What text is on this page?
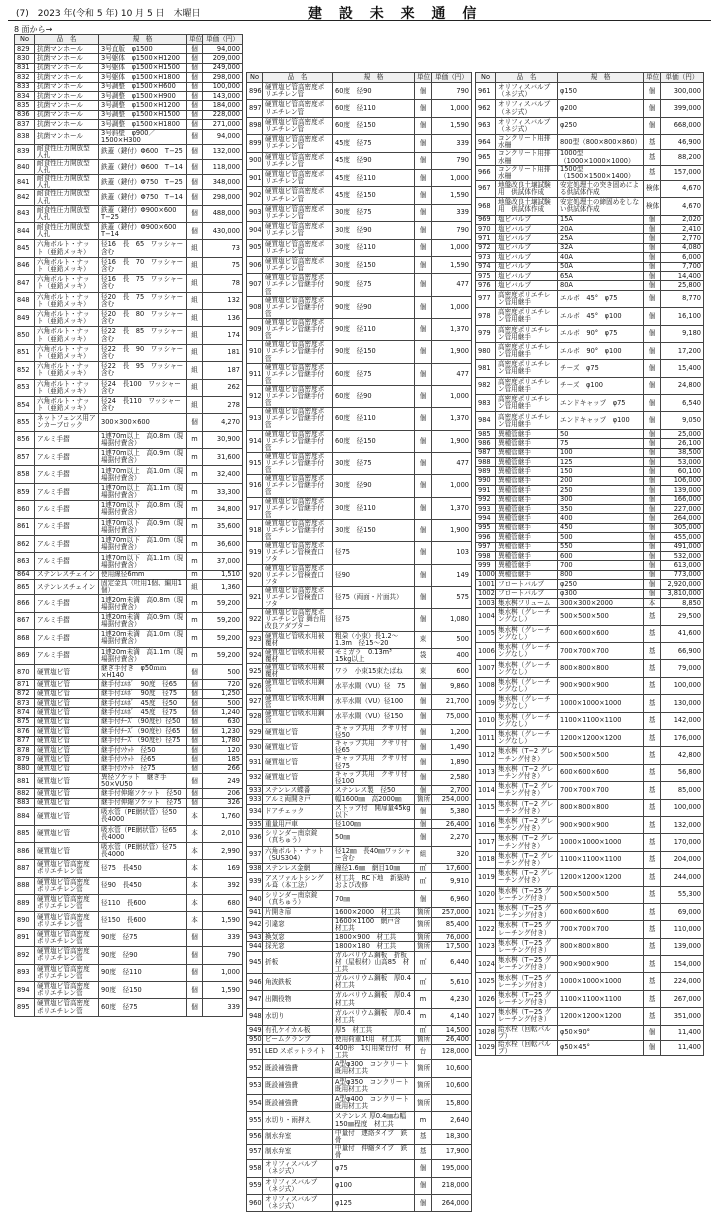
(7)　2023 年(令和 5 年) 10 月 5 日　木曜日	建 設 未 来 通 信
8 面から→
No	品　名	規　格	単位	単価（円）
829	抗菌マンホール	3号直版　φ1500	個	94,000
830	抗菌マンホール	3号躯体　φ1500×H1200	個	209,000
831	抗菌マンホール	3号躯体　φ1500×H1500	個	249,000
832	抗菌マンホール	3号躯体　φ1500×H1800	個	298,000
833	抗菌マンホール	3号調整　φ1500×H600	個	100,000
834	抗菌マンホール	3号調整　φ1500×H900	個	143,000
835	抗菌マンホール	3号調整　φ1500×H1200	個	184,000
836	抗菌マンホール	3号調整　φ1500×H1500	個	228,000
837	抗菌マンホール	3号調整　φ1500×H1800	個	271,000
838	抗菌マンホール	3号斜壁　φ900／1500×H300	個	94,000
839	耐食性圧力開放型人孔	鉄蓋（鍵付）Φ600　T−25	個	132,000
840	耐食性圧力開放型人孔	鉄蓋（鍵付）Φ600　T−14	個	118,000
841	耐食性圧力開放型人孔	鉄蓋（鍵付）Φ750　T−25	個	348,000
842	耐食性圧力開放型人孔	鉄蓋（鍵付）Φ750　T−14	個	298,000
843	耐食性圧力開放型人孔	鉄蓋（鍵付）Φ900×600　T−25	個	488,000
844	耐食性圧力開放型人孔	鉄蓋（鍵付）Φ900×600　T−14	個	430,000
845	六角ボルト・ナット（亜鉛メッキ）	径16　長　65　ワッシャー含む	組	73
846	六角ボルト・ナット（亜鉛メッキ）	径16　長　70　ワッシャー含む	組	75
847	六角ボルト・ナット（亜鉛メッキ）	径16　長　75　ワッシャー含む	組	78
848	六角ボルト・ナット（亜鉛メッキ）	径20　長　75　ワッシャー含む	組	132
849	六角ボルト・ナット（亜鉛メッキ）	径20　長　80　ワッシャー含む	組	136
850	六角ボルト・ナット（亜鉛メッキ）	径22　長　85　ワッシャー含む	組	174
851	六角ボルト・ナット（亜鉛メッキ）	径22　長　90　ワッシャー含む	組	181
852	六角ボルト・ナット（亜鉛メッキ）	径22　長　95　ワッシャー含む	組	187
853	六角ボルト・ナット（亜鉛メッキ）	径24　長100　ワッシャー含む	組	262
854	六角ボルト・ナット（亜鉛メッキ）	径24　長110　ワッシャー含む	組	278
855	ネットフェンス用アンカーブロック	300×300×600	個	4,270
856	アルミ手摺	1連70m以上　高0.8m（現場据付費含）	m	30,900
857	アルミ手摺	1連70m以上　高0.9m（現場据付費含）	m	31,600
858	アルミ手摺	1連70m以上　高1.0m（現場据付費含）	m	32,400
859	アルミ手摺	1連70m以上　高1.1m（現場据付費含）	m	33,300
860	アルミ手摺	1連70m以下　高0.8m（現場据付費含）	m	34,800
861	アルミ手摺	1連70m以下　高0.9m（現場据付費含）	m	35,600
862	アルミ手摺	1連70m以下　高1.0m（現場据付費含）	m	36,600
863	アルミ手摺	1連70m以下　高1.1m（現場据付費含）	m	37,000
864	ステンレスチェイン	使用線径6mm	m	1,510
865	ステンレスチェイン	固定金具（吐用1個、編用1個）	組	1,360
866	アルミ手摺	1連20m未満　高0.8m（現場据付費含）	m	59,200
867	アルミ手摺	1連20m未満　高0.9m（現場据付費含）	m	59,200
868	アルミ手摺	1連20m未満　高1.0m（現場据付費含）	m	59,200
869	アルミ手摺	1連20m未満　高1.1m（現場据付費含）	m	59,200
870	硬質塩ビ管	継ぎ手付き　φ50ｍｍ×H140	個	500
871	硬質塩ビ管	継手付ｴﾙﾎﾞ　90度　径65	個	720
872	硬質塩ビ管	継手付ｴﾙﾎﾞ　90度　径75	個	1,250
873	硬質塩ビ管	継手付ｴﾙﾎﾞ　45度　径50	個	500
874	硬質塩ビ管	継手付ｴﾙﾎﾞ　45度　径75	個	1,240
875	硬質塩ビ管	継手付ﾁｰｽﾞ（90度ｾ）径50	個	630
876	硬質塩ビ管	継手付ﾁｰｽﾞ（90度ｾ）径65	個	1,230
877	硬質塩ビ管	継手付ﾁｰｽﾞ（90度ｾ）径75	個	1,780
878	硬質塩ビ管	継手付ｿｹｯﾄ　径50	個	120
879	硬質塩ビ管	継手付ｿｹｯﾄ　径65	個	185
880	硬質塩ビ管	継手付ｿｹｯﾄ　径75	個	266
881	硬質塩ビ管	異径ソケット　継ぎ手50×VU50	個	249
882	硬質塩ビ管	継手付伸縮ソケット　径50	個	206
883	硬質塩ビ管	継手付伸縮ソケット　径75	個	326
884	硬質塩ビ管	吸水管（PE網状管）径50　長4000	本	1,760
885	硬質塩ビ管	吸水管（PE網状管）径65　長4000	本	2,010
886	硬質塩ビ管	吸水管（PE網状管）径75　長4000	本	2,990
887	硬質塩ビ管高密度ポリエチレン管	径75　長450	本	169
888	硬質塩ビ管高密度ポリエチレン管	径90　長450	本	392
889	硬質塩ビ管高密度ポリエチレン管	径110　長600	本	680
890	硬質塩ビ管高密度ポリエチレン管	径150　長600	本	1,590
891	硬質塩ビ管高密度ポリエチレン管	90度　径75	個	339
892	硬質塩ビ管高密度ポリエチレン管	90度　径90	個	790
893	硬質塩ビ管高密度ポリエチレン管	90度　径110	個	1,000
894	硬質塩ビ管高密度ポリエチレン管	90度　径150	個	1,590
895	硬質塩ビ管高密度ポリエチレン管	60度　径75	個	339
No	品　名	規　格	単位	単価（円）
896	硬質塩ビ管高密度ポリエチレン管	60度　径90	個	790
897	硬質塩ビ管高密度ポリエチレン管	60度　径110	個	1,000
898	硬質塩ビ管高密度ポリエチレン管	60度　径150	個	1,590
899	硬質塩ビ管高密度ポリエチレン管	45度　径75	個	339
900	硬質塩ビ管高密度ポリエチレン管	45度　径90	個	790
901	硬質塩ビ管高密度ポリエチレン管	45度　径110	個	1,000
902	硬質塩ビ管高密度ポリエチレン管	45度　径150	個	1,590
903	硬質塩ビ管高密度ポリエチレン管	30度　径75	個	339
904	硬質塩ビ管高密度ポリエチレン管	30度　径90	個	790
905	硬質塩ビ管高密度ポリエチレン管	30度　径110	個	1,000
906	硬質塩ビ管高密度ポリエチレン管	30度　径150	個	1,590
907	硬質塩ビ管高密度ポリエチレン管継手付管	90度　径75	個	477
908	硬質塩ビ管高密度ポリエチレン管継手付管	90度　径90	個	1,000
909	硬質塩ビ管高密度ポリエチレン管継手付管	90度　径110	個	1,370
910	硬質塩ビ管高密度ポリエチレン管継手付管	90度　径150	個	1,900
911	硬質塩ビ管高密度ポリエチレン管継手付管	60度　径75	個	477
912	硬質塩ビ管高密度ポリエチレン管継手付管	60度　径90	個	1,000
913	硬質塩ビ管高密度ポリエチレン管継手付管	60度　径110	個	1,370
914	硬質塩ビ管高密度ポリエチレン管継手付管	60度　径150	個	1,900
915	硬質塩ビ管高密度ポリエチレン管継手付管	30度　径75	個	477
916	硬質塩ビ管高密度ポリエチレン管継手付管	30度　径90	個	1,000
917	硬質塩ビ管高密度ポリエチレン管継手付管	30度　径110	個	1,370
918	硬質塩ビ管高密度ポリエチレン管継手付管	30度　径150	個	1,900
919	硬質塩ビ管高密度ポリエチレン管検査口フタ	径75	個	103
920	硬質塩ビ管高密度ポリエチレン管検査口フタ	径90	個	149
921	硬質塩ビ管高密度ポリエチレン管検査口フタ	径75（両面・片面共）	個	575
922	硬質塩ビ管高密度ポリエチレン管 舞台用改良アダプター	径75	個	1,080
923	硬質塩ビ管吸水用被覆材	粗朶（小束）長1.2～1.3m　径15～20	束	500
924	硬質塩ビ管吸水用被覆材	モミガラ　0.13m³　15kg以上	袋	400
925	硬質塩ビ管吸水用被覆材	ワラ　小束15束たばね	束	600
926	硬質塩ビ管吸水用鋼管	水平水閘（VU）径　75	個	9,860
927	硬質塩ビ管吸水用鋼管	水平水閘（VU）径100	個	21,700
928	硬質塩ビ管吸水用鋼管	水平水閘（VU）径150	個	75,000
929	硬質塩ビ管	キャップ共用　クサリ付　径50	個	1,200
930	硬質塩ビ管	キャップ共用　クサリ付　径65	個	1,490
931	硬質塩ビ管	キャップ共用　クサリ付　径75	個	1,890
932	硬質塩ビ管	キャップ共用　クサリ付　径100	個	2,580
933	ステンレス蝶番	ステンレス製　径50	個	2,700
933	アルミ両開き戸	幅1600㎜　高2000㎜	箇所	254,000
934	ドアチェック	ストップ付　開扉量45kg以下	個	5,380
935	重量用戸車	径100㎜	個	26,400
936	シリンダー南京錠（真ちゅう）	50㎜	個	2,270
937	六角ボルト・ナット（SUS304）	径12㎜　長40㎜ワッシャー含む	組	320
938	ステンレス金網	線径1.6㎜　網目10㎜	㎡	17,600
939	アスファルトシングル葺（本工法）	材工共　RC下地　新築時および改修	㎡	9,910
940	シリンダー南京錠（真ちゅう）	70㎜	個	6,960
941	片開き扉	1600×2000　材工共	箇所	257,000
942	引違窓	1600×1100　網戸含　材工共	箇所	85,400
943	換気窓	1800×900　材工共	箇所	76,000
944	採光窓	1800×180　材工共	箇所	17,500
945	折板	ガルバリウム鋼板　折板材（屋根材）山高85　材工共	㎡	6,440
946	角波鉄板	ガルバリウム鋼板　厚0.4　材工共	㎡	5,610
947	出隅役物	ガルバリウム鋼板　厚0.4　材工共	m	4,230
948	水切り	ガルバリウム鋼板　厚0.4　材工共	m	4,140
949	有孔ケイカル板	厚5　材工共	㎡	14,500
950	ビームクランプ	使用荷重1t用　材工共	箇所	26,400
951	LED スポットライト	400形　1灯用架台付　材工共	台	128,000
952	既設補強費	A型φ300　コンクリート既用材工共	箇所	10,600
953	既設補強費	A型φ350　コンクリート既用材工共	箇所	10,600
954	既設補強費	A型φ400　コンクリート既用材工共	箇所	15,800
955	水切り・雨押え	ステンレス 厚0.4㎜ね幅150㎜程度　材工共	m	2,640
956	制水弁室	中量付　連絡タイプ　鉄骨	基	18,300
957	制水弁室	中量付　伸縮タイプ　鉄骨	基	17,900
958	オリフィスバルブ（ネジ式）	φ75	個	195,000
959	オリフィスバルブ（ネジ式）	φ100	個	218,000
960	オリフィスバルブ（ネジ式）	φ125	個	264,000
No	品　名	規　格	単位	単価（円）
961	オリフィスバルブ（ネジ式）	φ150	個	300,000
962	オリフィスバルブ（ネジ式）	φ200	個	399,000
963	オリフィスバルブ（ネジ式）	φ250	個	668,000
964	コンクリート用排水柵	800型（800×800×860）	基	46,900
965	コンクリート用排水柵	1000型（1000×1000×1000）	基	88,200
966	コンクリート用排水柵	1500型（1500×1500×1400）	基	157,000
967	地盤改良土壌試験用　供試体作成	安定処理土の突き固めによる供試体作成	検体	4,670
968	地盤改良土壌試験用　供試体作成	安定処理土の締固めをしない供試体作成	検体	4,670
969	塩ビバルブ	15A	個	2,020
970	塩ビバルブ	20A	個	2,410
971	塩ビバルブ	25A	個	2,770
972	塩ビバルブ	32A	個	4,080
973	塩ビバルブ	40A	個	6,000
974	塩ビバルブ	50A	個	7,700
975	塩ビバルブ	65A	個	14,400
976	塩ビバルブ	80A	個	25,800
977	高密度ポリエチレン管用継手	エルボ　45°　φ75	個	8,770
978	高密度ポリエチレン管用継手	エルボ　45°　φ100	個	16,100
979	高密度ポリエチレン管用継手	エルボ　90°　φ75	個	9,180
980	高密度ポリエチレン管用継手	エルボ　90°　φ100	個	17,200
981	高密度ポリエチレン管用継手	チーズ　φ75	個	15,400
982	高密度ポリエチレン管用継手	チーズ　φ100	個	24,800
983	高密度ポリエチレン管用継手	エンドキャップ　φ75	個	6,540
984	高密度ポリエチレン管用継手	エンドキャップ　φ100	個	9,050
985	異種管継手	50	個	25,000
986	異種管継手	75	個	26,100
987	異種管継手	100	個	38,500
988	異種管継手	125	個	53,000
989	異種管継手	150	個	60,100
990	異種管継手	200	個	106,000
991	異種管継手	250	個	139,000
992	異種管継手	300	個	166,000
993	異種管継手	350	個	227,000
994	異種管継手	400	個	264,000
995	異種管継手	450	個	305,000
996	異種管継手	500	個	455,000
997	異種管継手	550	個	491,000
998	異種管継手	600	個	532,000
999	異種管継手	700	個	613,000
1000	異種管継手	800	個	773,000
1001	フロートバルブ	φ250	個	2,920,000
1002	フロートバルブ	φ300	個	3,810,000
1003	集水桝フリューム	300×300×2000	本	8,850
1004	集水桝（グレーチングなし）	500×500×500	基	29,500
1005	集水桝（グレーチングなし）	600×600×600	基	41,600
1006	集水桝（グレーチングなし）	700×700×700	基	66,900
1007	集水桝（グレーチングなし）	800×800×800	基	79,000
1008	集水桝（グレーチングなし）	900×900×900	基	100,000
1009	集水桝（グレーチングなし）	1000×1000×1000	基	130,000
1010	集水桝（グレーチングなし）	1100×1100×1100	基	142,000
1011	集水桝（グレーチングなし）	1200×1200×1200	基	176,000
1012	集水桝（T−2 グレーチング付き）	500×500×500	基	42,800
1013	集水桝（T−2 グレーチング付き）	600×600×600	基	56,800
1014	集水桝（T−2 グレーチング付き）	700×700×700	基	85,000
1015	集水桝（T−2 グレーチング付き）	800×800×800	基	100,000
1016	集水桝（T−2 グレーチング付き）	900×900×900	基	132,000
1017	集水桝（T−2 グレーチング付き）	1000×1000×1000	基	170,000
1018	集水桝（T−2 グレーチング付き）	1100×1100×1100	基	204,000
1019	集水桝（T−2 グレーチング付き）	1200×1200×1200	基	244,000
1020	集水桝（T−25 グレーチング付き）	500×500×500	基	55,300
1021	集水桝（T−25 グレーチング付き）	600×600×600	基	69,000
1022	集水桝（T−25 グレーチング付き）	700×700×700	基	110,000
1023	集水桝（T−25 グレーチング付き）	800×800×800	基	139,000
1024	集水桝（T−25 グレーチング付き）	900×900×900	基	154,000
1025	集水桝（T−25 グレーチング付き）	1000×1000×1000	基	224,000
1026	集水桝（T−25 グレーチング付き）	1100×1100×1100	基	267,000
1027	集水桝（T−25 グレーチング付き）	1200×1200×1200	基	351,000
1028	給水栓（回転パルプ）	φ50×90°	個	11,400
1029	給水栓（回転パルプ）	φ50×45°	個	11,400
